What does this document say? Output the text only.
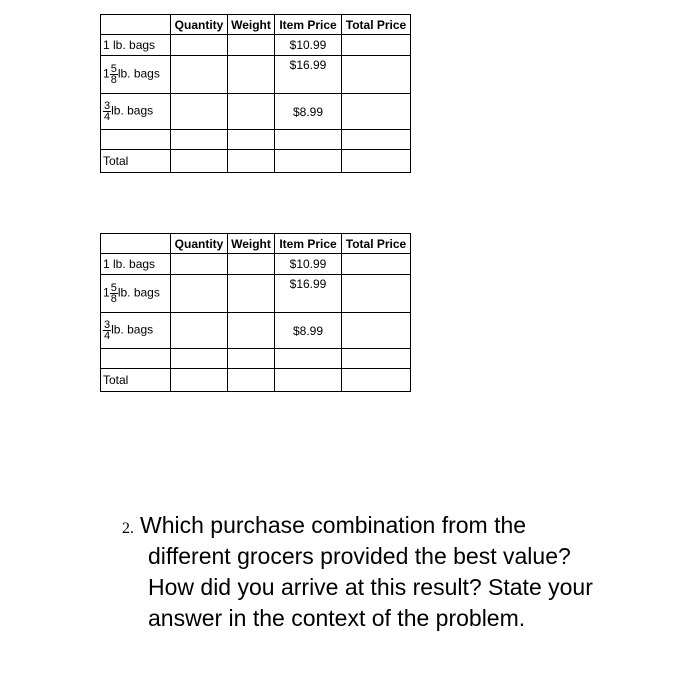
	Quantity	Weight	Item Price	Total Price
1 lb. bags			$10.99	
$1 \frac{5}{8}$ lb. bags			$16.99	

$\frac{3}{4}$ lb. bags			$8.99	

Total				
	Quantity	Weight	Item Price	Total Price
1 lb. bags			$10.99	
$1 \frac{5}{8}$ lb. bags			$16.99	

$\frac{3}{4}$ lb. bags			$8.99	

Total				
2. Which purchase combination from the
different grocers provided the best value?
How did you arrive at this result? State your
answer in the context of the problem.
